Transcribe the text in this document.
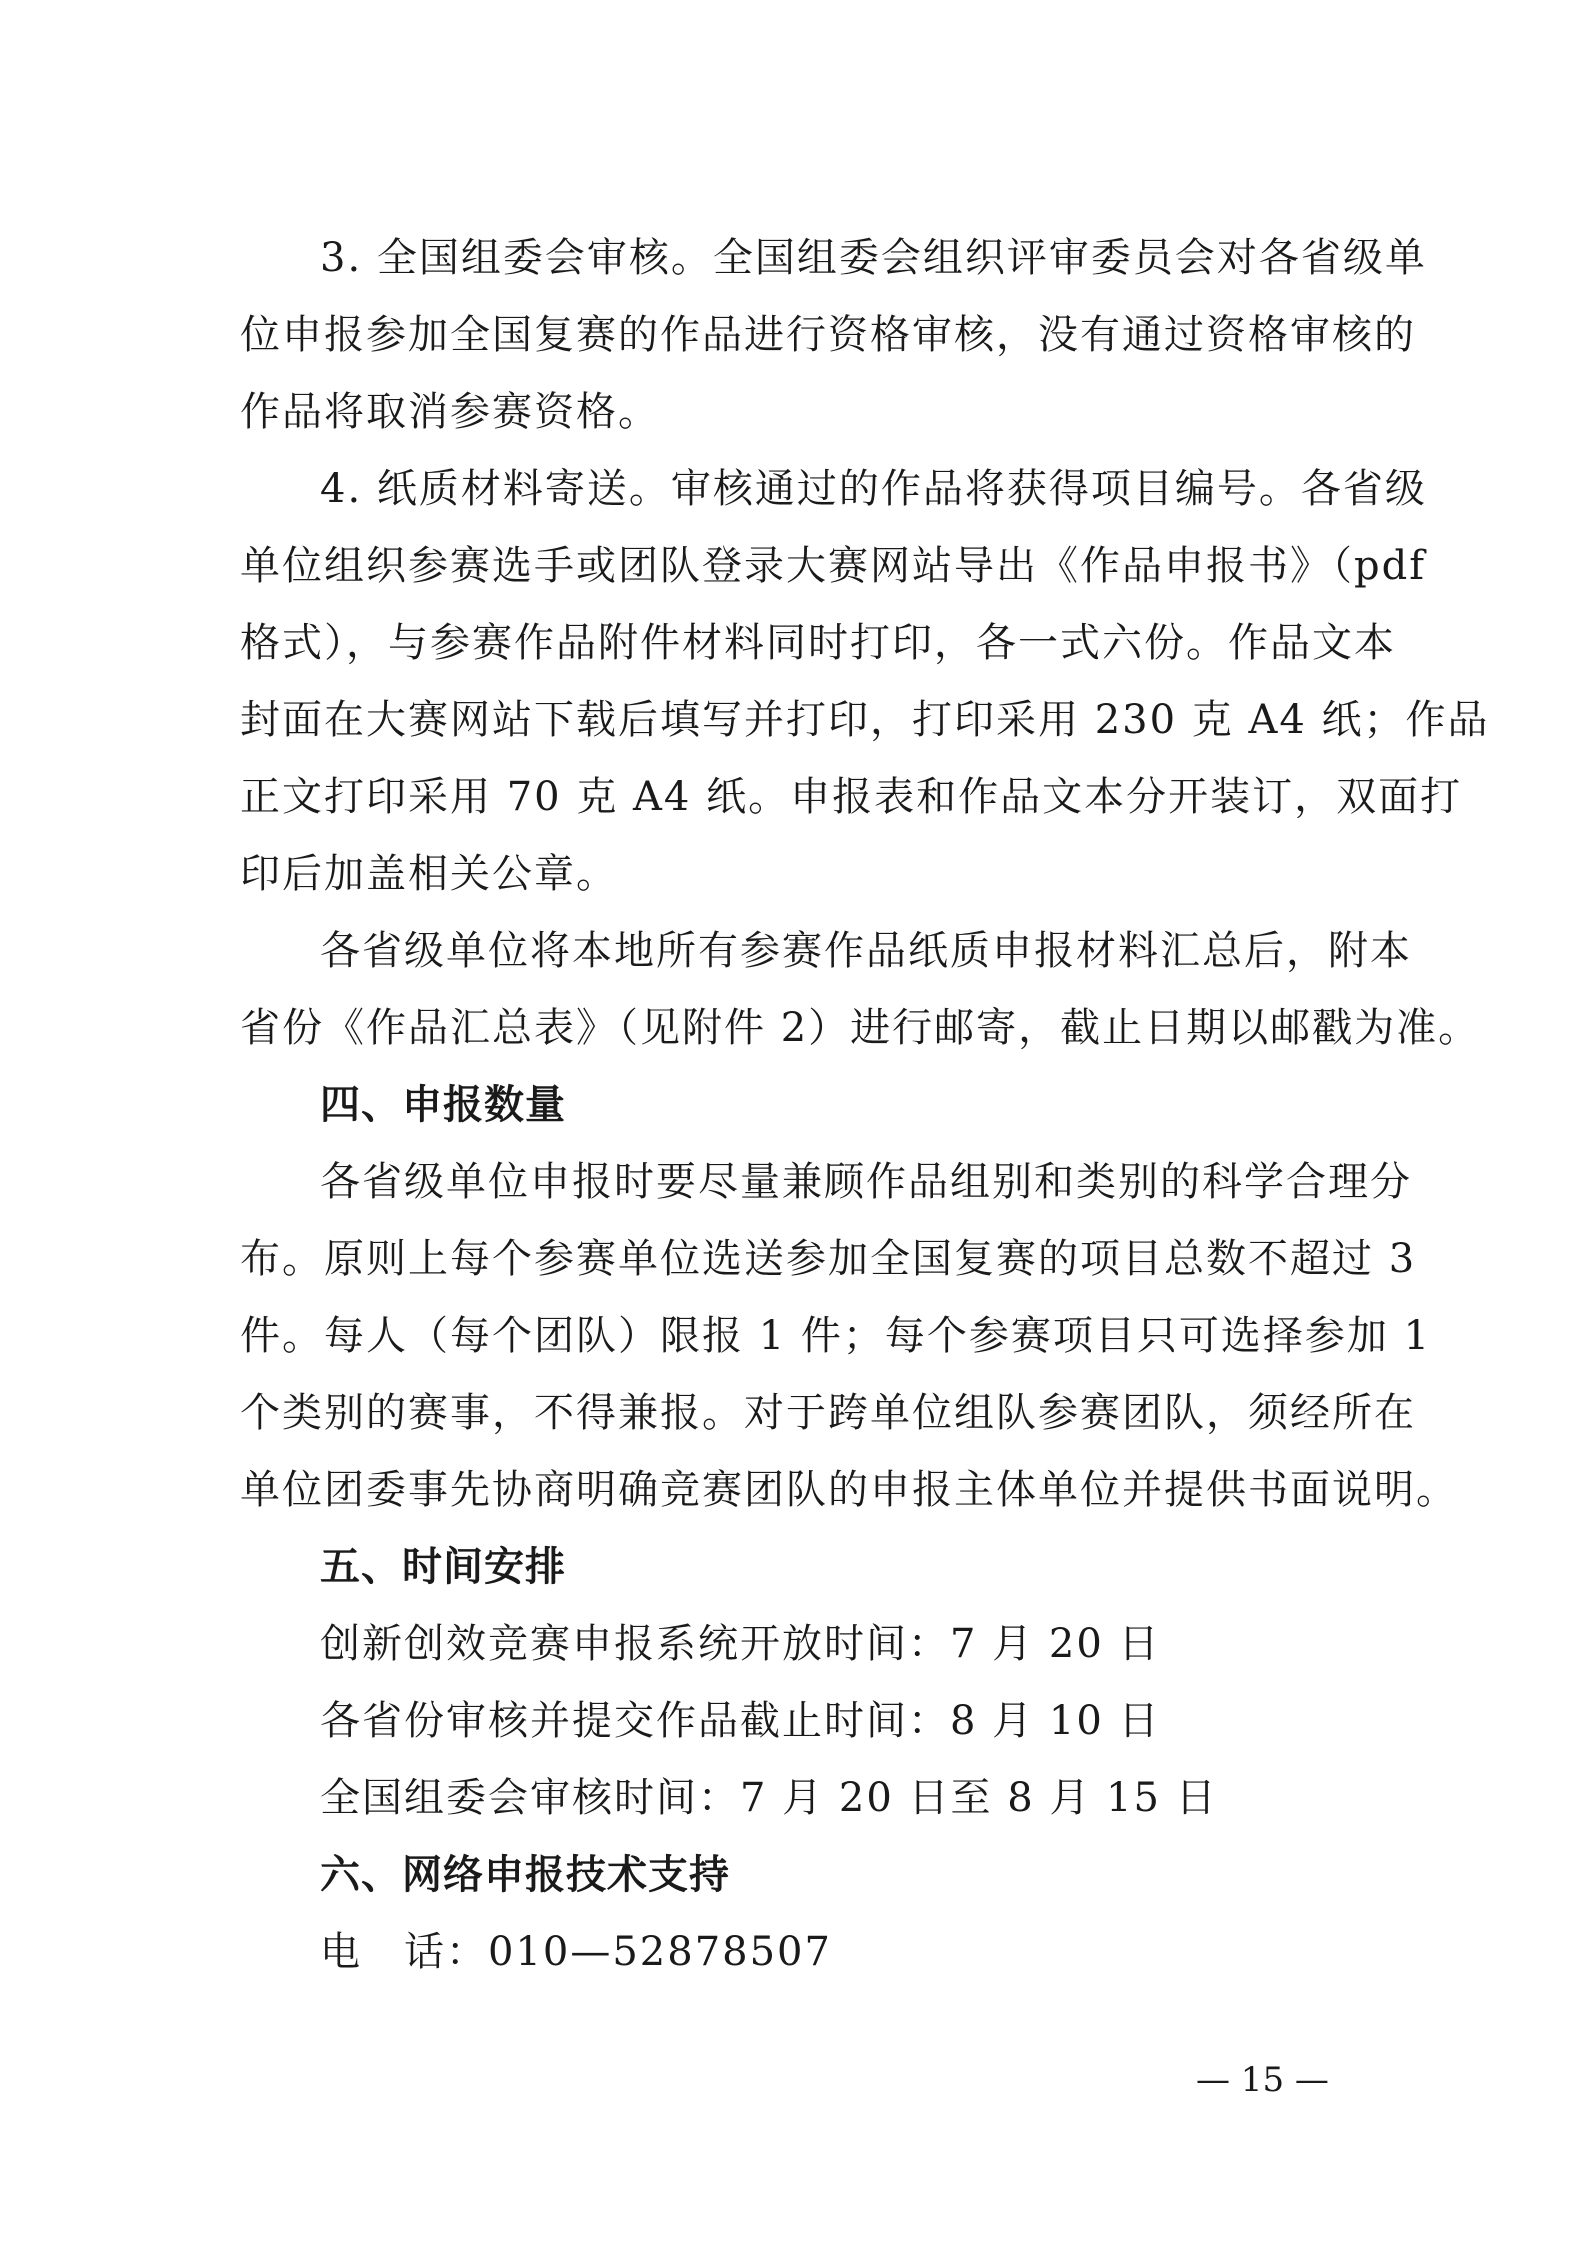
3. 全国组委会审核。全国组委会组织评审委员会对各省级单
位申报参加全国复赛的作品进行资格审核，没有通过资格审核的
作品将取消参赛资格。
4. 纸质材料寄送。审核通过的作品将获得项目编号。各省级
单位组织参赛选手或团队登录大赛网站导出《作品申报书》（pdf
格式），与参赛作品附件材料同时打印，各一式六份。作品文本
封面在大赛网站下载后填写并打印，打印采用 230 克 A4 纸；作品
正文打印采用 70 克 A4 纸。申报表和作品文本分开装订，双面打
印后加盖相关公章。
各省级单位将本地所有参赛作品纸质申报材料汇总后，附本
省份《作品汇总表》（见附件 2）进行邮寄，截止日期以邮戳为准。
四、申报数量
各省级单位申报时要尽量兼顾作品组别和类别的科学合理分
布。原则上每个参赛单位选送参加全国复赛的项目总数不超过 3
件。每人（每个团队）限报 1 件；每个参赛项目只可选择参加 1
个类别的赛事，不得兼报。对于跨单位组队参赛团队，须经所在
单位团委事先协商明确竞赛团队的申报主体单位并提供书面说明。
五、时间安排
创新创效竞赛申报系统开放时间：7 月 20 日
各省份审核并提交作品截止时间：8 月 10 日
全国组委会审核时间：7 月 20 日至 8 月 15 日
六、网络申报技术支持
电　话：010—52878507
— 15 —
